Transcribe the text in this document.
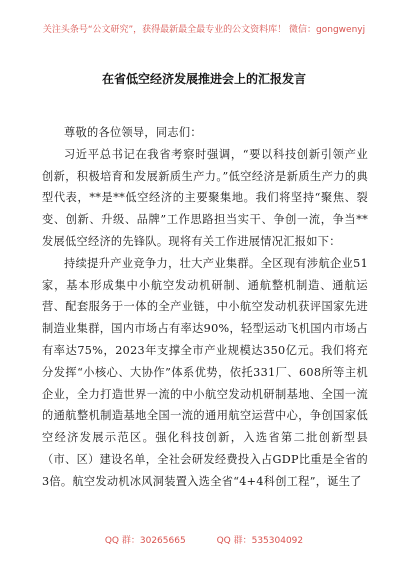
关注头条号“公文研究”，获得最新最全最专业的公文资料库！ 微信：gongwenyj
在省低空经济发展推进会上的汇报发言

尊敬的各位领导，同志们：

习近平总书记在我省考察时强调，“要以科技创新引领产业创新，积极培育和发展新质生产力。”低空经济是新质生产力的典型代表，**是**低空经济的主要聚集地。我们将坚持“聚焦、裂变、创新、升级、品牌”工作思路担当实干、争创一流，争当**发展低空经济的先锋队。现将有关工作进展情况汇报如下：

持续提升产业竞争力，壮大产业集群。全区现有涉航企业51家，基本形成集中小航空发动机研制、通航整机制造、通航运营、配套服务于一体的全产业链，中小航空发动机获评国家先进制造业集群，国内市场占有率达90%，轻型运动飞机国内市场占有率达75%，2023年支撑全市产业规模达350亿元。我们将充分发挥“小核心、大协作”体系优势，依托331厂、608所等主机企业，全力打造世界一流的中小航空发动机研制基地、全国一流的通航整机制造基地全国一流的通用航空运营中心，争创国家低空经济发展示范区。强化科技创新，入选省第二批创新型县（市、区）建设名单，全社会研发经费投入占GDP比重是全省的3倍。航空发动机冰风洞装置入选全省“4+4科创工程”，诞生了

QQ 群：30265665	QQ 群：535304092
